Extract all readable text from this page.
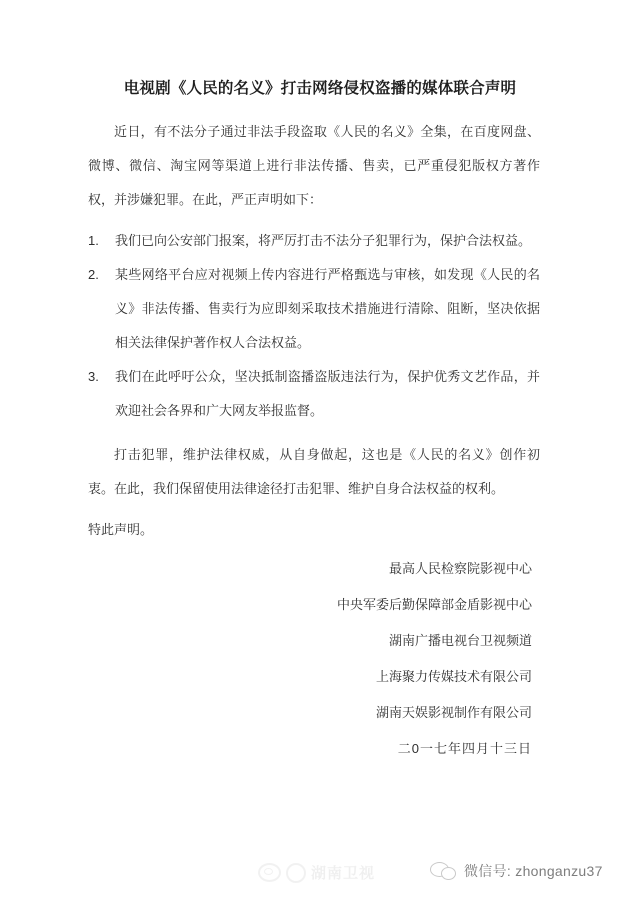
电视剧《人民的名义》打击网络侵权盗播的媒体联合声明

近日，有不法分子通过非法手段盗取《人民的名义》全集，在百度网盘、微博、微信、淘宝网等渠道上进行非法传播、售卖，已严重侵犯版权方著作权，并涉嫌犯罪。在此，严正声明如下：

1.	我们已向公安部门报案，将严厉打击不法分子犯罪行为，保护合法权益。
2.	某些网络平台应对视频上传内容进行严格甄选与审核，如发现《人民的名义》非法传播、售卖行为应即刻采取技术措施进行清除、阻断，坚决依据相关法律保护著作权人合法权益。
3.	我们在此呼吁公众，坚决抵制盗播盗版违法行为，保护优秀文艺作品，并欢迎社会各界和广大网友举报监督。

打击犯罪，维护法律权威，从自身做起，这也是《人民的名义》创作初衷。在此，我们保留使用法律途径打击犯罪、维护自身合法权益的权利。

特此声明。

最高人民检察院影视中心
中央军委后勤保障部金盾影视中心
湖南广播电视台卫视频道
上海聚力传媒技术有限公司
湖南天娱影视制作有限公司
二0一七年四月十三日
湖南卫视	微信号: zhonganzu37
